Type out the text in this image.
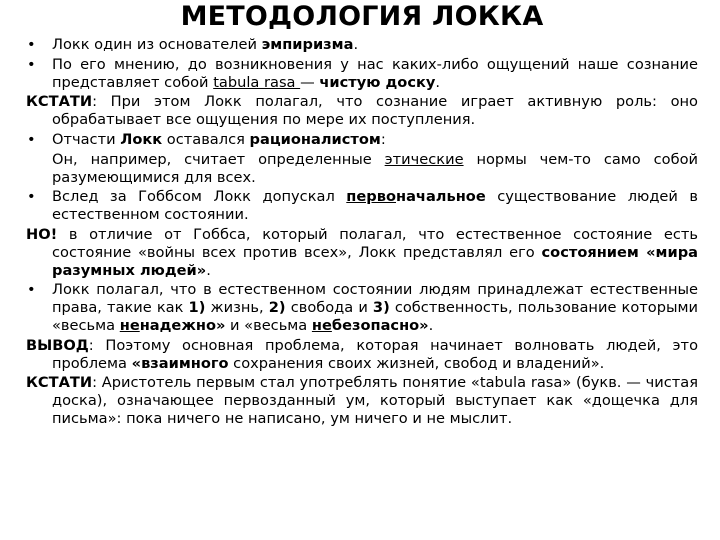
МЕТОДОЛОГИЯ ЛОККА

• Локк один из основателей эмпиризма.

• По его мнению, до возникновения у нас каких-либо ощущений наше сознание представляет собой tabula rasa — чистую доску.

КСТАТИ: При этом Локк полагал, что сознание играет активную роль: оно обрабатывает все ощущения по мере их поступления.

• Отчасти Локк оставался рационалистом:

Он, например, считает определенные этические нормы чем-то само собой разумеющимися для всех.

• Вслед за Гоббсом Локк допускал первоначальное существование людей в естественном состоянии.

НО! в отличие от Гоббса, который полагал, что естественное состояние есть состояние «войны всех против всех», Локк представлял его состоянием «мира разумных людей».

• Локк полагал, что в естественном состоянии людям принадлежат естественные права, такие как 1) жизнь, 2) свобода и 3) собственность, пользование которыми «весьма ненадежно» и «весьма небезопасно».

ВЫВОД: Поэтому основная проблема, которая начинает волновать людей, это проблема «взаимного сохранения своих жизней, свобод и владений».

КСТАТИ: Аристотель первым стал употреблять понятие «tabula rasa» (букв. — чистая доска), означающее первозданный ум, который выступает как «дощечка для письма»: пока ничего не написано, ум ничего и не мыслит.
